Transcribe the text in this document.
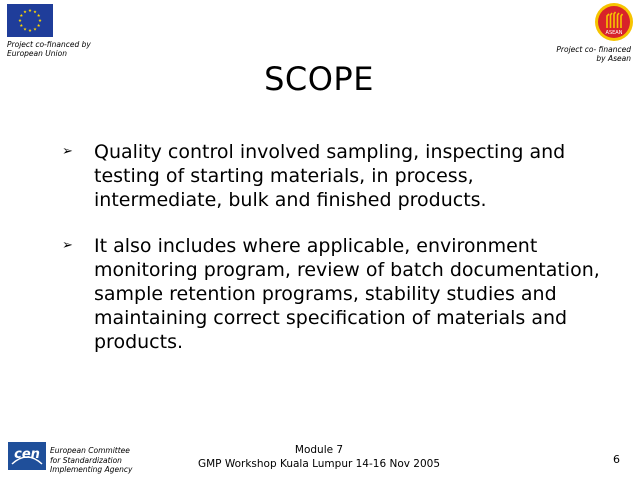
Project co-financed by
European Union
ASEAN
Project co- financed
by Asean
SCOPE
➢	Quality control involved sampling, inspecting and testing of starting materials, in process, intermediate, bulk and finished products.
➢	It also includes where applicable, environment monitoring program, review of batch documentation, sample retention programs, stability studies and maintaining correct specification of materials and products.
cen European Committee
for Standardization
Implementing Agency
Module 7
GMP Workshop Kuala Lumpur 14-16 Nov 2005	6
